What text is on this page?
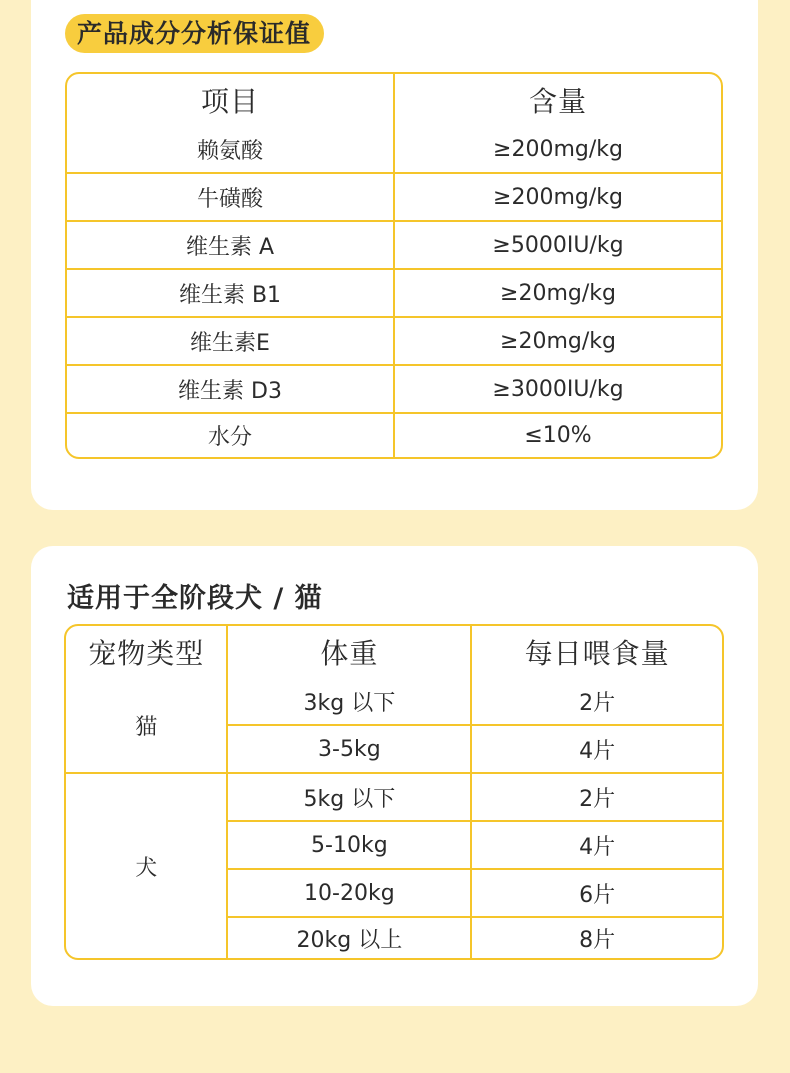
产品成分分析保证值
项目	含量
赖氨酸	≥200mg/kg
牛磺酸	≥200mg/kg
维生素 A	≥5000IU/kg
维生素 B1	≥20mg/kg
维生素E	≥20mg/kg
维生素 D3	≥3000IU/kg
水分	≤10%
适用于全阶段犬 / 猫
宠物类型	体重	每日喂食量
猫	3kg 以下	2片
	3-5kg	4片
犬	5kg 以下	2片
	5-10kg	4片
	10-20kg	6片
	20kg 以上	8片
